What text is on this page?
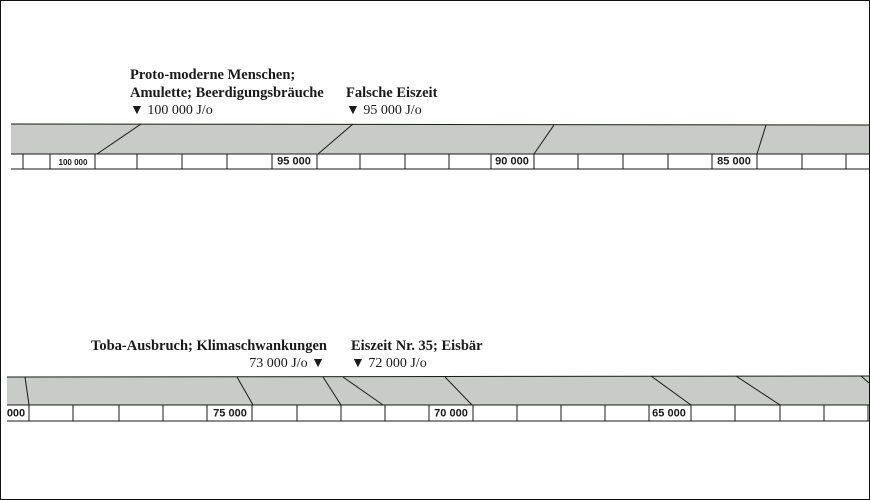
100 000	95 000	90 000	85 000
000	75 000	70 000	65 000
Proto-moderne Menschen;
Amulette; Beerdigungsbräuche
▼ 100 000 J/o
Falsche Eiszeit
▼ 95 000 J/o
Toba-Ausbruch; Klimaschwankungen
73 000 J/o ▼
Eiszeit Nr. 35; Eisbär
▼ 72 000 J/o
